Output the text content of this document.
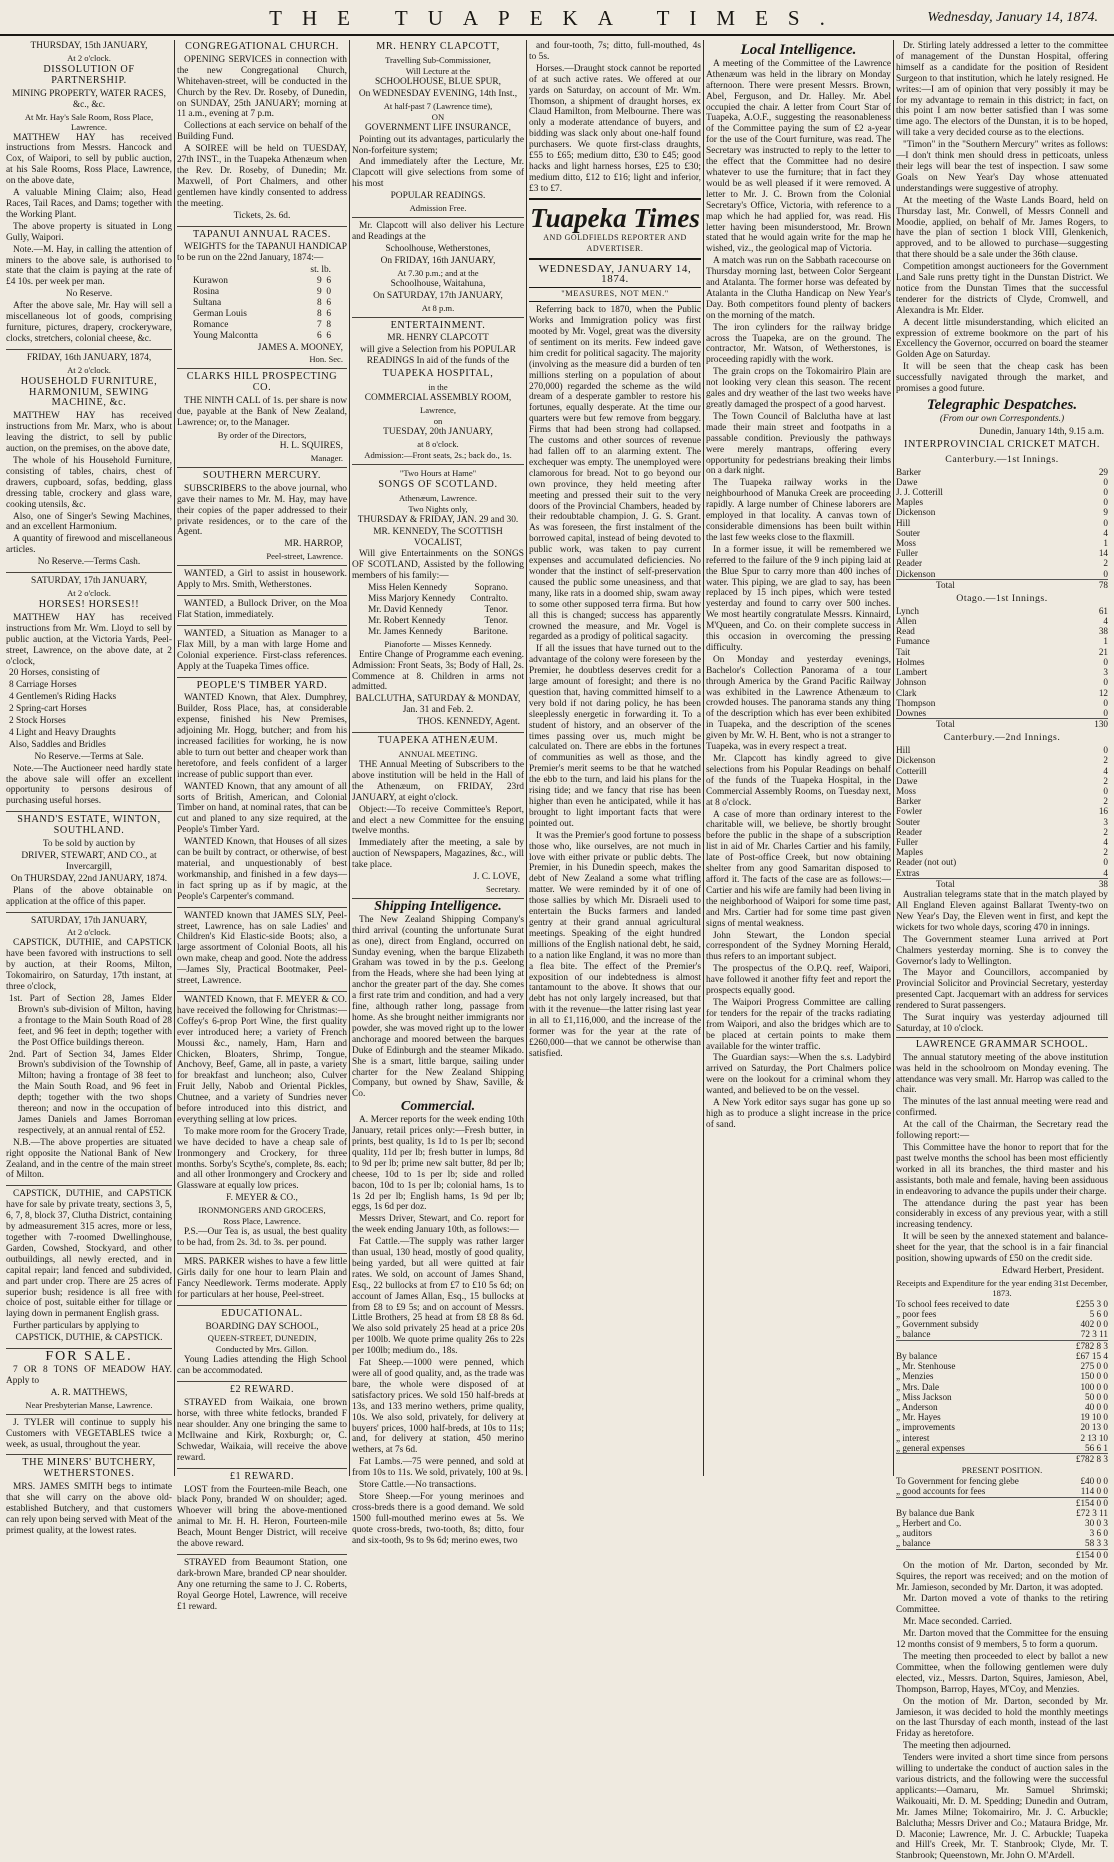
THE TUAPEKA TIMES.	Wednesday, January 14, 1874.
THURSDAY, 15th JANUARY,
At 2 o'clock.
DISSOLUTION OF PARTNERSHIP.
MINING PROPERTY, WATER RACES, &c., &c.
At Mr. Hay's Sale Room, Ross Place, Lawrence.
MATTHEW HAY has received instructions from Messrs. Hancock and Cox, of Waipori, to sell by public auction, at his Sale Rooms, Ross Place, Lawrence, on the above date,
A valuable Mining Claim; also, Head Races, Tail Races, and Dams; together with the Working Plant.
The above property is situated in Long Gully, Waipori.
Note.—M. Hay, in calling the attention of miners to the above sale, is authorised to state that the claim is paying at the rate of £4 10s. per week per man.
No Reserve.
After the above sale, Mr. Hay will sell a miscellaneous lot of goods, comprising furniture, pictures, drapery, crockeryware, clocks, stretchers, colonial cheese, &c.
FRIDAY, 16th JANUARY, 1874,
At 2 o'clock.
HOUSEHOLD FURNITURE, HARMONIUM, SEWING MACHINE, &c.
MATTHEW HAY has received instructions from Mr. Marx, who is about leaving the district, to sell by public auction, on the premises, on the above date,
The whole of his Household Furniture, consisting of tables, chairs, chest of drawers, cupboard, sofas, bedding, glass dressing table, crockery and glass ware, cooking utensils, &c.
Also, one of Singer's Sewing Machines, and an excellent Harmonium.
A quantity of firewood and miscellaneous articles.
No Reserve.—Terms Cash.
SATURDAY, 17th JANUARY,
At 2 o'clock.
HORSES! HORSES!!
MATTHEW HAY has received instructions from Mr. Wm. Lloyd to sell by public auction, at the Victoria Yards, Peel-street, Lawrence, on the above date, at 2 o'clock,
20 Horses, consisting of
8 Carriage Horses
4 Gentlemen's Riding Hacks
2 Spring-cart Horses
2 Stock Horses
4 Light and Heavy Draughts
Also, Saddles and Bridles
No Reserve.—Terms at Sale.
Note.—The Auctioneer need hardly state the above sale will offer an excellent opportunity to persons desirous of purchasing useful horses.
SHAND'S ESTATE, WINTON, SOUTHLAND.
To be sold by auction by
DRIVER, STEWART, AND CO., at Invercargill,
On THURSDAY, 22nd JANUARY, 1874.
Plans of the above obtainable on application at the office of this paper.
SATURDAY, 17th JANUARY,
At 2 o'clock.
CAPSTICK, DUTHIE, and CAPSTICK have been favored with instructions to sell by auction, at their Rooms, Milton, Tokomairiro, on Saturday, 17th instant, at three o'clock,
1st. Part of Section 28, James Elder Brown's sub-division of Milton, having a frontage to the Main South Road of 28 feet, and 96 feet in depth; together with the Post Office buildings thereon.
2nd. Part of Section 34, James Elder Brown's subdivision of the Township of Milton; having a frontage of 38 feet to the Main South Road, and 96 feet in depth; together with the two shops thereon; and now in the occupation of James Daniels and James Borroman respectively, at an annual rental of £52.
N.B.—The above properties are situated right opposite the National Bank of New Zealand, and in the centre of the main street of Milton.
CAPSTICK, DUTHIE, and CAPSTICK have for sale by private treaty, sections 3, 5, 6, 7, 8, block 37, Clutha District, containing by admeasurement 315 acres, more or less, together with 7-roomed Dwellinghouse, Garden, Cowshed, Stockyard, and other outbuildings, all newly erected, and in capital repair; land fenced and subdivided, and part under crop. There are 25 acres of superior bush; residence is all free with choice of post, suitable either for tillage or laying down in permanent English grass.
Further particulars by applying to
CAPSTICK, DUTHIE, & CAPSTICK.
FOR SALE.
7 OR 8 TONS OF MEADOW HAY. Apply to
A. R. MATTHEWS,
Near Presbyterian Manse, Lawrence.
J. TYLER will continue to supply his Customers with VEGETABLES twice a week, as usual, throughout the year.
THE MINERS' BUTCHERY, WETHERSTONES.
MRS. JAMES SMITH begs to intimate that she will carry on the above old-established Butchery, and that customers can rely upon being served with Meat of the primest quality, at the lowest rates.
CONGREGATIONAL CHURCH.
OPENING SERVICES in connection with the new Congregational Church, Whitehaven-street, will be conducted in the Church by the Rev. Dr. Roseby, of Dunedin, on SUNDAY, 25th JANUARY; morning at 11 a.m., evening at 7 p.m.
Collections at each service on behalf of the Building Fund.
A SOIREE will be held on TUESDAY, 27th INST., in the Tuapeka Athenæum when the Rev. Dr. Roseby, of Dunedin; Mr. Maxwell, of Port Chalmers, and other gentlemen have kindly consented to address the meeting.
Tickets, 2s. 6d.
TAPANUI ANNUAL RACES.
WEIGHTS for the TAPANUI HANDICAP to be run on the 22nd January, 1874:—
st. lb.
Kurawon	9 6
Rosina	9 0
Sultana	8 6
German Louis	8 6
Romance	7 8
Young Malcontta	6 6
JAMES A. MOONEY,
Hon. Sec.
CLARKS HILL PROSPECTING CO.
THE NINTH CALL of 1s. per share is now due, payable at the Bank of New Zealand, Lawrence; or, to the Manager.
By order of the Directors,
H. L. SQUIRES,
Manager.
SOUTHERN MERCURY.
SUBSCRIBERS to the above journal, who gave their names to Mr. M. Hay, may have their copies of the paper addressed to their private residences, or to the care of the Agent.
MR. HARROP,
Peel-street, Lawrence.
WANTED, a Girl to assist in housework. Apply to Mrs. Smith, Wetherstones.
WANTED, a Bullock Driver, on the Moa Flat Station, immediately.
WANTED, a Situation as Manager to a Flax Mill, by a man with large Home and Colonial experience. First-class references. Apply at the Tuapeka Times office.
PEOPLE'S TIMBER YARD.
WANTED Known, that Alex. Dumphrey, Builder, Ross Place, has, at considerable expense, finished his New Premises, adjoining Mr. Hogg, butcher; and from his increased facilities for working, he is now able to turn out better and cheaper work than heretofore, and feels confident of a larger increase of public support than ever.
WANTED Known, that any amount of all sorts of British, American, and Colonial Timber on hand, at nominal rates, that can be cut and planed to any size required, at the People's Timber Yard.
WANTED Known, that Houses of all sizes can be built by contract, or otherwise, of best material, and unquestionably of best workmanship, and finished in a few days—in fact spring up as if by magic, at the People's Carpenter's command.
WANTED known that JAMES SLY, Peel-street, Lawrence, has on sale Ladies' and Children's Kid Elastic-side Boots; also, a large assortment of Colonial Boots, all his own make, cheap and good. Note the address—James Sly, Practical Bootmaker, Peel-street, Lawrence.
WANTED Known, that F. MEYER & CO. have received the following for Christmas:—Coffey's 6-prop Port Wine, the first quality ever introduced here; a variety of French Moussi &c., namely, Ham, Harn and Chicken, Bloaters, Shrimp, Tongue, Anchovy, Beef, Game, all in paste, a variety for breakfast and luncheon; also, Culver Fruit Jelly, Nabob and Oriental Pickles, Chutnee, and a variety of Sundries never before introduced into this district, and everything selling at low prices.
To make more room for the Grocery Trade, we have decided to have a cheap sale of Ironmongery and Crockery, for three months. Sorby's Scythe's, complete, 8s. each; and all other Ironmongery and Crockery and Glassware at equally low prices.
F. MEYER & CO.,
IRONMONGERS AND GROCERS,
Ross Place, Lawrence.
P.S.—Our Tea is, as usual, the best quality to be had, from 2s. 3d. to 3s. per pound.
MRS. PARKER wishes to have a few little Girls daily for one hour to learn Plain and Fancy Needlework. Terms moderate. Apply for particulars at her house, Peel-street.
EDUCATIONAL.
BOARDING DAY SCHOOL,
QUEEN-STREET, DUNEDIN,
Conducted by Mrs. Gillon.
Young Ladies attending the High School can be accommodated.
£2 REWARD.
STRAYED from Waikaia, one brown horse, with three white fetlocks, branded F near shoulder. Any one bringing the same to McIlwaine and Kirk, Roxburgh; or, C. Schwedar, Waikaia, will receive the above reward.
£1 REWARD.
LOST from the Fourteen-mile Beach, one black Pony, branded W on shoulder; aged. Whoever will bring the above-mentioned animal to Mr. H. H. Heron, Fourteen-mile Beach, Mount Benger District, will receive the above reward.
STRAYED from Beaumont Station, one dark-brown Mare, branded CP near shoulder. Any one returning the same to J. C. Roberts, Royal George Hotel, Lawrence, will receive £1 reward.
MR. HENRY CLAPCOTT,
Travelling Sub-Commissioner,
Will Lecture at the
SCHOOLHOUSE, BLUE SPUR,
On WEDNESDAY EVENING, 14th Inst.,
At half-past 7 (Lawrence time),
ON
GOVERNMENT LIFE INSURANCE,
Pointing out its advantages, particularly the Non-forfeiture system;
And immediately after the Lecture, Mr. Clapcott will give selections from some of his most
POPULAR READINGS.
Admission Free.
Mr. Clapcott will also deliver his Lecture and Readings at the
Schoolhouse, Wetherstones,
On FRIDAY, 16th JANUARY,
At 7.30 p.m.; and at the
Schoolhouse, Waitahuna,
On SATURDAY, 17th JANUARY,
At 8 p.m.
ENTERTAINMENT.
MR. HENRY CLAPCOTT
will give a Selection from his POPULAR READINGS In aid of the funds of the
TUAPEKA HOSPITAL,
in the
COMMERCIAL ASSEMBLY ROOM,
Lawrence,
on
TUESDAY, 20th JANUARY,
at 8 o'clock.
Admission:—Front seats, 2s.; back do., 1s.
"Two Hours at Hame"
SONGS OF SCOTLAND.
Athenæum, Lawrence.
Two Nights only,
THURSDAY & FRIDAY, JAN. 29 and 30.
MR. KENNEDY, The SCOTTISH VOCALIST,
Will give Entertainments on the SONGS OF SCOTLAND, Assisted by the following members of his family:—
Miss Helen Kennedy	Soprano.
Miss Marjory Kennedy Contralto.
Mr. David Kennedy	Tenor.
Mr. Robert Kennedy	Tenor.
Mr. James Kennedy	Baritone.
Pianoforte — Misses Kennedy.
Entire Change of Programme each evening. Admission: Front Seats, 3s; Body of Hall, 2s. Commence at 8. Children in arms not admitted.
BALCLUTHA, SATURDAY & MONDAY, Jan. 31 and Feb. 2.
THOS. KENNEDY, Agent.
TUAPEKA ATHENÆUM.
ANNUAL MEETING.
THE Annual Meeting of Subscribers to the above institution will be held in the Hall of the Athenæum, on FRIDAY, 23rd JANUARY, at eight o'clock.
Object:—To receive Committee's Report, and elect a new Committee for the ensuing twelve months.
Immediately after the meeting, a sale by auction of Newspapers, Magazines, &c., will take place.
J. C. LOVE,
Secretary.
Shipping Intelligence.
The New Zealand Shipping Company's third arrival (counting the unfortunate Surat as one), direct from England, occurred on Sunday evening, when the barque Elizabeth Graham was towed in by the p.s. Geelong from the Heads, where she had been lying at anchor the greater part of the day. She comes a first rate trim and condition, and had a very fine, although rather long, passage from home. As she brought neither immigrants nor powder, she was moved right up to the lower anchorage and moored between the barques Duke of Edinburgh and the steamer Mikado. She is a smart, little barque, sailing under charter for the New Zealand Shipping Company, but owned by Shaw, Saville, & Co.
Commercial.
A. Mercer reports for the week ending 10th January, retail prices only:—Fresh butter, in prints, best quality, 1s 1d to 1s per lb; second quality, 11d per lb; fresh butter in lumps, 8d to 9d per lb; prime new salt butter, 8d per lb; cheese, 10d to 1s per lb; side and rolled bacon, 10d to 1s per lb; colonial hams, 1s to 1s 2d per lb; English hams, 1s 9d per lb; eggs, 1s 6d per doz.
Messrs Driver, Stewart, and Co. report for the week ending January 10th, as follows:—
Fat Cattle.—The supply was rather larger than usual, 130 head, mostly of good quality, being yarded, but all were quitted at fair rates. We sold, on account of James Shand, Esq., 22 bullocks at from £7 to £10 5s 6d; on account of James Allan, Esq., 15 bullocks at from £8 to £9 5s; and on account of Messrs. Little Brothers, 25 head at from £8 £8 8s 6d. We also sold privately 25 head at a price 20s per 100lb. We quote prime quality 26s to 22s per 100lb; medium do., 18s.
Fat Sheep.—1000 were penned, which were all of good quality, and, as the trade was bare, the whole were disposed of at satisfactory prices. We sold 150 half-breds at 13s, and 133 merino wethers, prime quality, 10s. We also sold, privately, for delivery at buyers' prices, 1000 half-breds, at 10s to 11s; and, for delivery at station, 450 merino wethers, at 7s 6d.
Fat Lambs.—75 were penned, and sold at from 10s to 11s. We sold, privately, 100 at 9s.
Store Cattle.—No transactions.
Store Sheep.—For young merinoes and cross-breds there is a good demand. We sold 1500 full-mouthed merino ewes at 5s. We quote cross-breds, two-tooth, 8s; ditto, four and six-tooth, 9s to 9s 6d; merino ewes, two
and four-tooth, 7s; ditto, full-mouthed, 4s to 5s.
Horses.—Draught stock cannot be reported of at such active rates. We offered at our yards on Saturday, on account of Mr. Wm. Thomson, a shipment of draught horses, ex Claud Hamilton, from Melbourne. There was only a moderate attendance of buyers, and bidding was slack only about one-half found purchasers. We quote first-class draughts, £55 to £65; medium ditto, £30 to £45; good hacks and light harness horses, £25 to £30; medium ditto, £12 to £16; light and inferior, £3 to £7.
Tuapeka Times
AND GOLDFIELDS REPORTER AND ADVERTISER.
WEDNESDAY, JANUARY 14, 1874.
"MEASURES, NOT MEN."
Referring back to 1870, when the Public Works and Immigration policy was first mooted by Mr. Vogel, great was the diversity of sentiment on its merits. Few indeed gave him credit for political sagacity. The majority (involving as the measure did a burden of ten millions sterling on a population of about 270,000) regarded the scheme as the wild dream of a desperate gambler to restore his fortunes, equally desperate. At the time our quarters were but few remove from beggary. Firms that had been strong had collapsed. The customs and other sources of revenue had fallen off to an alarming extent. The exchequer was empty. The unemployed were clamorous for bread. Not to go beyond our own province, they held meeting after meeting and pressed their suit to the very doors of the Provincial Chambers, headed by their redoubtable champion, J. G. S. Grant. As was foreseen, the first instalment of the borrowed capital, instead of being devoted to public work, was taken to pay current expenses and accumulated deficiencies. No wonder that the instinct of self-preservation caused the public some uneasiness, and that many, like rats in a doomed ship, swam away to some other supposed terra firma. But how all this is changed; success has apparently crowned the measure, and Mr. Vogel is regarded as a prodigy of political sagacity.
If all the issues that have turned out to the advantage of the colony were foreseen by the Premier, he doubtless deserves credit for a large amount of foresight; and there is no question that, having committed himself to a very bold if not daring policy, he has been sleeplessly energetic in forwarding it. To a student of history, and an observer of the times passing over us, much might be calculated on. There are ebbs in the fortunes of communities as well as those, and the Premier's merit seems to be that he watched the ebb to the turn, and laid his plans for the rising tide; and we fancy that rise has been higher than even he anticipated, while it has brought to light important facts that were pointed out.
It was the Premier's good fortune to possess those who, like ourselves, are not much in love with either private or public debts. The Premier, in his Dunedin speech, makes the debt of New Zealand a some what trifling matter. We were reminded by it of one of those sallies by which Mr. Disraeli used to entertain the Bucks farmers and landed gentry at their grand annual agricultural meetings. Speaking of the eight hundred millions of the English national debt, he said, to a nation like England, it was no more than a flea bite. The effect of the Premier's exposition of our indebtedness is almost tantamount to the above. It shows that our debt has not only largely increased, but that with it the revenue—the latter rising last year in all to £1,116,000, and the increase of the former was for the year at the rate of £260,000—that we cannot be otherwise than satisfied.
Local Intelligence.
A meeting of the Committee of the Lawrence Athenæum was held in the library on Monday afternoon. There were present Messrs. Brown, Abel, Ferguson, and Dr. Halley. Mr. Abel occupied the chair. A letter from Court Star of Tuapeka, A.O.F., suggesting the reasonableness of the Committee paying the sum of £2 a-year for the use of the Court furniture, was read. The Secretary was instructed to reply to the letter to the effect that the Committee had no desire whatever to use the furniture; that in fact they would be as well pleased if it were removed. A letter to Mr. J. C. Brown from the Colonial Secretary's Office, Victoria, with reference to a map which he had applied for, was read. His letter having been misunderstood, Mr. Brown stated that he would again write for the map he wished, viz., the geological map of Victoria.
A match was run on the Sabbath racecourse on Thursday morning last, between Color Sergeant and Atalanta. The former horse was defeated by Atalanta in the Clutha Handicap on New Year's Day. Both competitors found plenty of backers on the morning of the match.
The iron cylinders for the railway bridge across the Tuapeka, are on the ground. The contractor, Mr. Watson, of Wetherstones, is proceeding rapidly with the work.
The grain crops on the Tokomairiro Plain are not looking very clean this season. The recent gales and dry weather of the last two weeks have greatly damaged the prospect of a good harvest.
The Town Council of Balclutha have at last made their main street and footpaths in a passable condition. Previously the pathways were merely mantraps, offering every opportunity for pedestrians breaking their limbs on a dark night.
The Tuapeka railway works in the neighbourhood of Manuka Creek are proceeding rapidly. A large number of Chinese laborers are employed in that locality. A canvas town of considerable dimensions has been built within the last few weeks close to the flaxmill.
In a former issue, it will be remembered we referred to the failure of the 9 inch piping laid at the Blue Spur to carry more than 400 inches of water. This piping, we are glad to say, has been replaced by 15 inch pipes, which were tested yesterday and found to carry over 500 inches. We most heartily congratulate Messrs. Kinnaird, M'Queen, and Co. on their complete success in this occasion in overcoming the pressing difficulty.
On Monday and yesterday evenings, Bachelor's Collection Panorama of a tour through America by the Grand Pacific Railway was exhibited in the Lawrence Athenæum to crowded houses. The panorama stands any thing of the description which has ever been exhibited in Tuapeka, and the description of the scenes given by Mr. W. H. Bent, who is not a stranger to Tuapeka, was in every respect a treat.
Mr. Clapcott has kindly agreed to give selections from his Popular Readings on behalf of the funds of the Tuapeka Hospital, in the Commercial Assembly Rooms, on Tuesday next, at 8 o'clock.
A case of more than ordinary interest to the charitable will, we believe, be shortly brought before the public in the shape of a subscription list in aid of Mr. Charles Cartier and his family, late of Post-office Creek, but now obtaining shelter from any good Samaritan disposed to afford it. The facts of the case are as follows:— Cartier and his wife are family had been living in the neighborhood of Waipori for some time past, and Mrs. Cartier had for some time past given signs of mental weakness.
John Stewart, the London special correspondent of the Sydney Morning Herald, thus refers to an important subject.
The prospectus of the O.P.Q. reef, Waipori, have followed it another fifty feet and report the prospects equally good.
The Waipori Progress Committee are calling for tenders for the repair of the tracks radiating from Waipori, and also the bridges which are to be placed at certain points to make them available for the winter traffic.
The Guardian says:—When the s.s. Ladybird arrived on Saturday, the Port Chalmers police were on the lookout for a criminal whom they wanted, and believed to be on the vessel.
A New York editor says sugar has gone up so high as to produce a slight increase in the price of sand.
Dr. Stirling lately addressed a letter to the committee of management of the Dunstan Hospital, offering himself as a candidate for the position of Resident Surgeon to that institution, which he lately resigned. He writes:—I am of opinion that very possibly it may be for my advantage to remain in this district; in fact, on this point I am now better satisfied than I was some time ago. The electors of the Dunstan, it is to be hoped, will take a very decided course as to the elections.
"Timon" in the "Southern Mercury" writes as follows:—I don't think men should dress in petticoats, unless their legs will bear the test of inspection. I saw some Goals on New Year's Day whose attenuated understandings were suggestive of atrophy.
At the meeting of the Waste Lands Board, held on Thursday last, Mr. Conwell, of Messrs Connell and Moodie, applied, on behalf of Mr. James Rogers, to have the plan of section 1 block VIII, Glenkenich, approved, and to be allowed to purchase—suggesting that there should be a sale under the 36th clause.
Competition amongst auctioneers for the Government Land Sale runs pretty tight in the Dunstan District. We notice from the Dunstan Times that the successful tenderer for the districts of Clyde, Cromwell, and Alexandra is Mr. Elder.
A decent little misunderstanding, which elicited an expression of extreme bookmore on the part of his Excellency the Governor, occurred on board the steamer Golden Age on Saturday.
It will be seen that the cheap cask has been successfully navigated through the market, and promises a good future.
Telegraphic Despatches.
(From our own Correspondents.)
Dunedin, January 14th, 9.15 a.m.
INTERPROVINCIAL CRICKET MATCH.
Canterbury.—1st Innings.
Barker	29
Dawe	0
J. J. Cotterill	0
Maples	0
Dickenson	9
Hill	0
Souter	4
Moss	1
Fuller	14
Reader	2
Dickenson	0
Total	78
Otago.—1st Innings.
Lynch	61
Allen	4
Read	38
Fumance	1
Tait	21
Holmes	0
Lambert	3
Johnson	0
Clark	12
Thompson	0
Downes	0
Total	130
Canterbury.—2nd Innings.
Hill	0
Dickenson	2
Cotterill	4
Dawe	2
Moss	0
Barker	2
Fowler	16
Souter	3
Reader	2
Fuller	4
Maples	2
Reader (not out)	0
Extras	4
Total	38
Australian telegrams state that in the match played by All England Eleven against Ballarat Twenty-two on New Year's Day, the Eleven went in first, and kept the wickets for two whole days, scoring 470 in innings.
The Government steamer Luna arrived at Port Chalmers yesterday morning. She is to convey the Governor's lady to Wellington.
The Mayor and Councillors, accompanied by Provincial Solicitor and Provincial Secretary, yesterday presented Capt. Jacquemart with an address for services rendered to Surat passengers.
The Surat inquiry was yesterday adjourned till Saturday, at 10 o'clock.
LAWRENCE GRAMMAR SCHOOL.
The annual statutory meeting of the above institution was held in the schoolroom on Monday evening. The attendance was very small. Mr. Harrop was called to the chair.
The minutes of the last annual meeting were read and confirmed.
At the call of the Chairman, the Secretary read the following report:—
This Committee have the honor to report that for the past twelve months the school has been most efficiently worked in all its branches, the third master and his assistants, both male and female, having been assiduous in endeavoring to advance the pupils under their charge.
The attendance during the past year has been considerably in excess of any previous year, with a still increasing tendency.
It will be seen by the annexed statement and balance-sheet for the year, that the school is in a fair financial position, showing upwards of £50 on the credit side.
Edward Herbert, President.
Receipts and Expenditure for the year ending 31st December, 1873.
To school fees received to date	£255 3 0
„ poor fees	5 6 0
„ Government subsidy	402 0 0
„ balance	72 3 11
	£782 8 3
By balance	£67 15 4
„ Mr. Stenhouse	275 0 0
„ Menzies	150 0 0
„ Mrs. Dale	100 0 0
„ Miss Jackson	50 0 0
„ Anderson	40 0 0
„ Mr. Hayes	19 10 0
„ improvements	20 13 0
„ interest	2 13 10
„ general expenses	56 6 1
	£782 8 3
PRESENT POSITION.
To Government for fencing glebe	£40 0 0
„ good accounts for fees	114 0 0
	£154 0 0
By balance due Bank	£72 3 11
„ Herbert and Co.	30 0 3
„ auditors	3 6 0
„ balance	58 3 3
	£154 0 0
On the motion of Mr. Darton, seconded by Mr. Squires, the report was received; and on the motion of Mr. Jamieson, seconded by Mr. Darton, it was adopted.
Mr. Darton moved a vote of thanks to the retiring Committee.
Mr. Mace seconded. Carried.
Mr. Darton moved that the Committee for the ensuing 12 months consist of 9 members, 5 to form a quorum.
The meeting then proceeded to elect by ballot a new Committee, when the following gentlemen were duly elected, viz., Messrs. Darton, Squires, Jamieson, Abel, Thompson, Barrop, Hayes, M'Coy, and Menzies.
On the motion of Mr. Darton, seconded by Mr. Jamieson, it was decided to hold the monthly meetings on the last Thursday of each month, instead of the last Friday as heretofore.
The meeting then adjourned.
Tenders were invited a short time since from persons willing to undertake the conduct of auction sales in the various districts, and the following were the successful applicants:—Oamaru, Mr. Samuel Shrimski; Waikouaiti, Mr. D. M. Spedding; Dunedin and Outram, Mr. James Milne; Tokomairiro, Mr. J. C. Arbuckle; Balclutha; Messrs Driver and Co.; Mataura Bridge, Mr. D. Maconie; Lawrence, Mr. J. C. Arbuckle; Tuapeka and Hill's Creek, Mr. T. Stanbrook; Clyde, Mr. T. Stanbrook; Queenstown, Mr. John O. M'Ardell.
